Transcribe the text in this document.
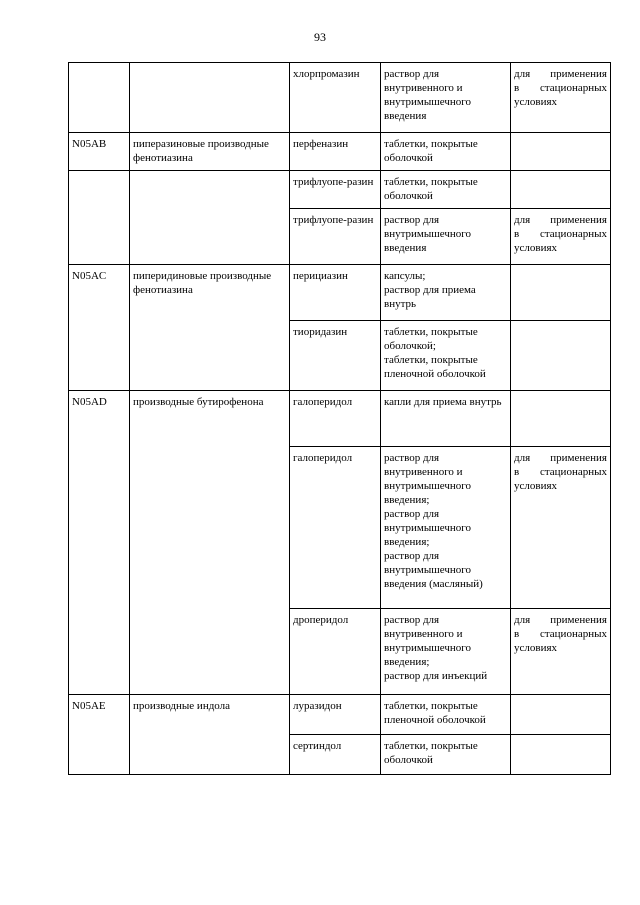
93
		хлорпромазин	раствор для внутривенного и внутримышечного введения	для применения
в стационарных
условиях

N05AB	пиперазиновые производные фенотиазина	перфеназин	таблетки, покрытые оболочкой	

		трифлуопе-разин	таблетки, покрытые оболочкой	

		трифлуопе-разин	раствор для внутримышечного введения	для применения
в стационарных
условиях

N05AC	пиперидиновые производные фенотиазина	перициазин	капсулы;
раствор для приема внутрь	

		тиоридазин	таблетки, покрытые оболочкой;
таблетки, покрытые пленочной оболочкой	

N05AD	производные бутирофенона	галоперидол	капли для приема внутрь	

		галоперидол	раствор для внутривенного и внутримышечного введения;
раствор для внутримышечного введения;
раствор для внутримышечного введения (масляный)	для применения
в стационарных
условиях

		дроперидол	раствор для внутривенного и внутримышечного введения;
раствор для инъекций	для применения
в стационарных
условиях

N05AE	производные индола	луразидон	таблетки, покрытые пленочной оболочкой	

		сертиндол	таблетки, покрытые оболочкой	
